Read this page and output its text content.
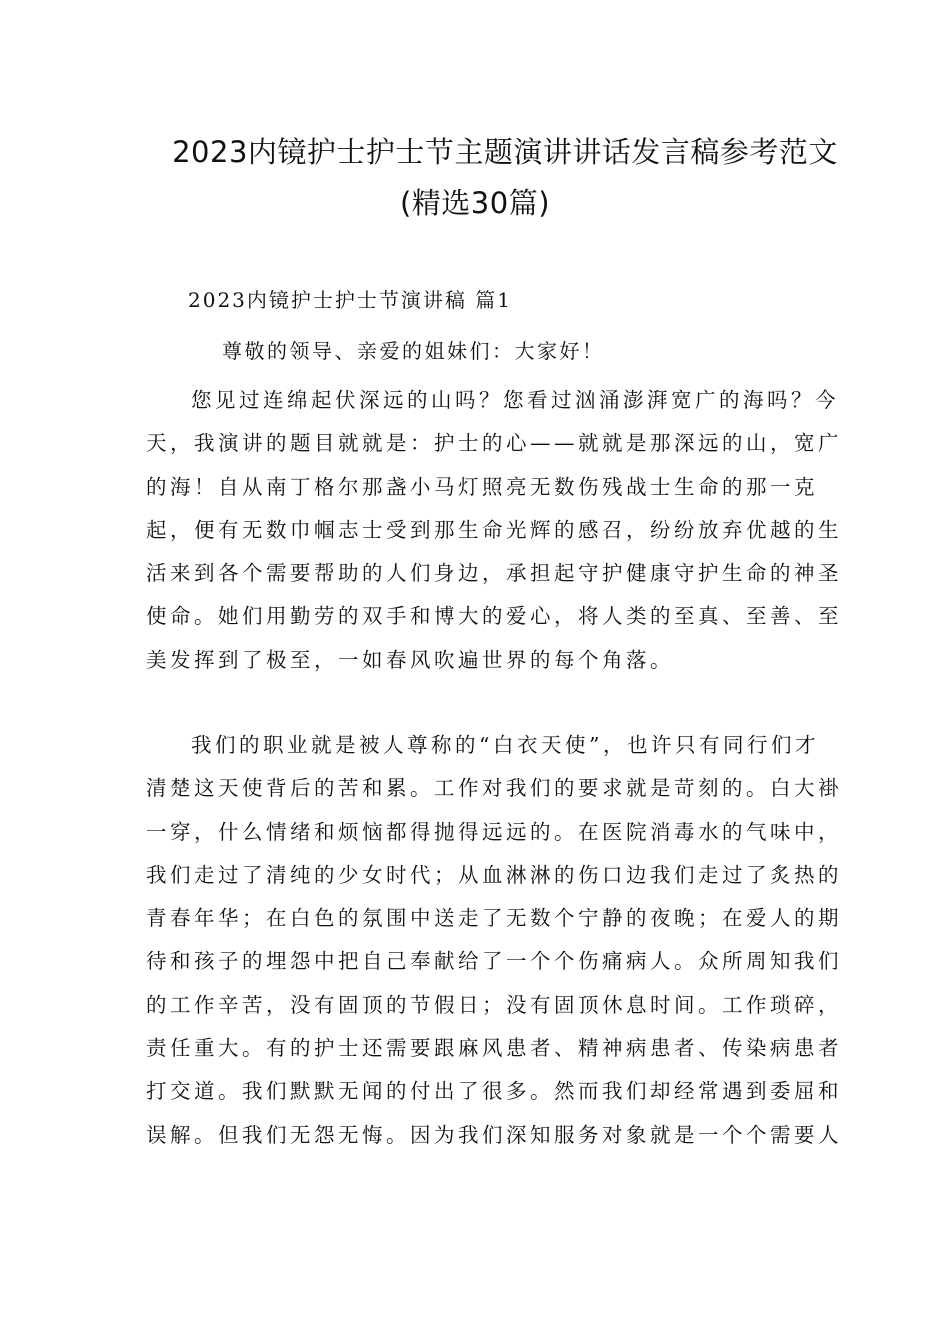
2023内镜护士护士节主题演讲讲话发言稿参考范文
(精选30篇)
2023内镜护士护士节演讲稿 篇1

尊敬的领导、亲爱的姐妹们：大家好！

您见过连绵起伏深远的山吗？您看过汹涌澎湃宽广的海吗？今
天，我演讲的题目就就是：护士的心——就就是那深远的山，宽广
的海！自从南丁格尔那盏小马灯照亮无数伤残战士生命的那一克
起，便有无数巾帼志士受到那生命光辉的感召，纷纷放弃优越的生
活来到各个需要帮助的人们身边，承担起守护健康守护生命的神圣
使命。她们用勤劳的双手和博大的爱心，将人类的至真、至善、至
美发挥到了极至，一如春风吹遍世界的每个角落。
我们的职业就是被人尊称的“白衣天使”，也许只有同行们才
清楚这天使背后的苦和累。工作对我们的要求就是苛刻的。白大褂
一穿，什么情绪和烦恼都得抛得远远的。在医院消毒水的气味中，
我们走过了清纯的少女时代；从血淋淋的伤口边我们走过了炙热的
青春年华；在白色的氛围中送走了无数个宁静的夜晚；在爱人的期
待和孩子的埋怨中把自己奉献给了一个个伤痛病人。众所周知我们
的工作辛苦，没有固顶的节假日；没有固顶休息时间。工作琐碎，
责任重大。有的护士还需要跟麻风患者、精神病患者、传染病患者
打交道。我们默默无闻的付出了很多。然而我们却经常遇到委屈和
误解。但我们无怨无悔。因为我们深知服务对象就是一个个需要人
